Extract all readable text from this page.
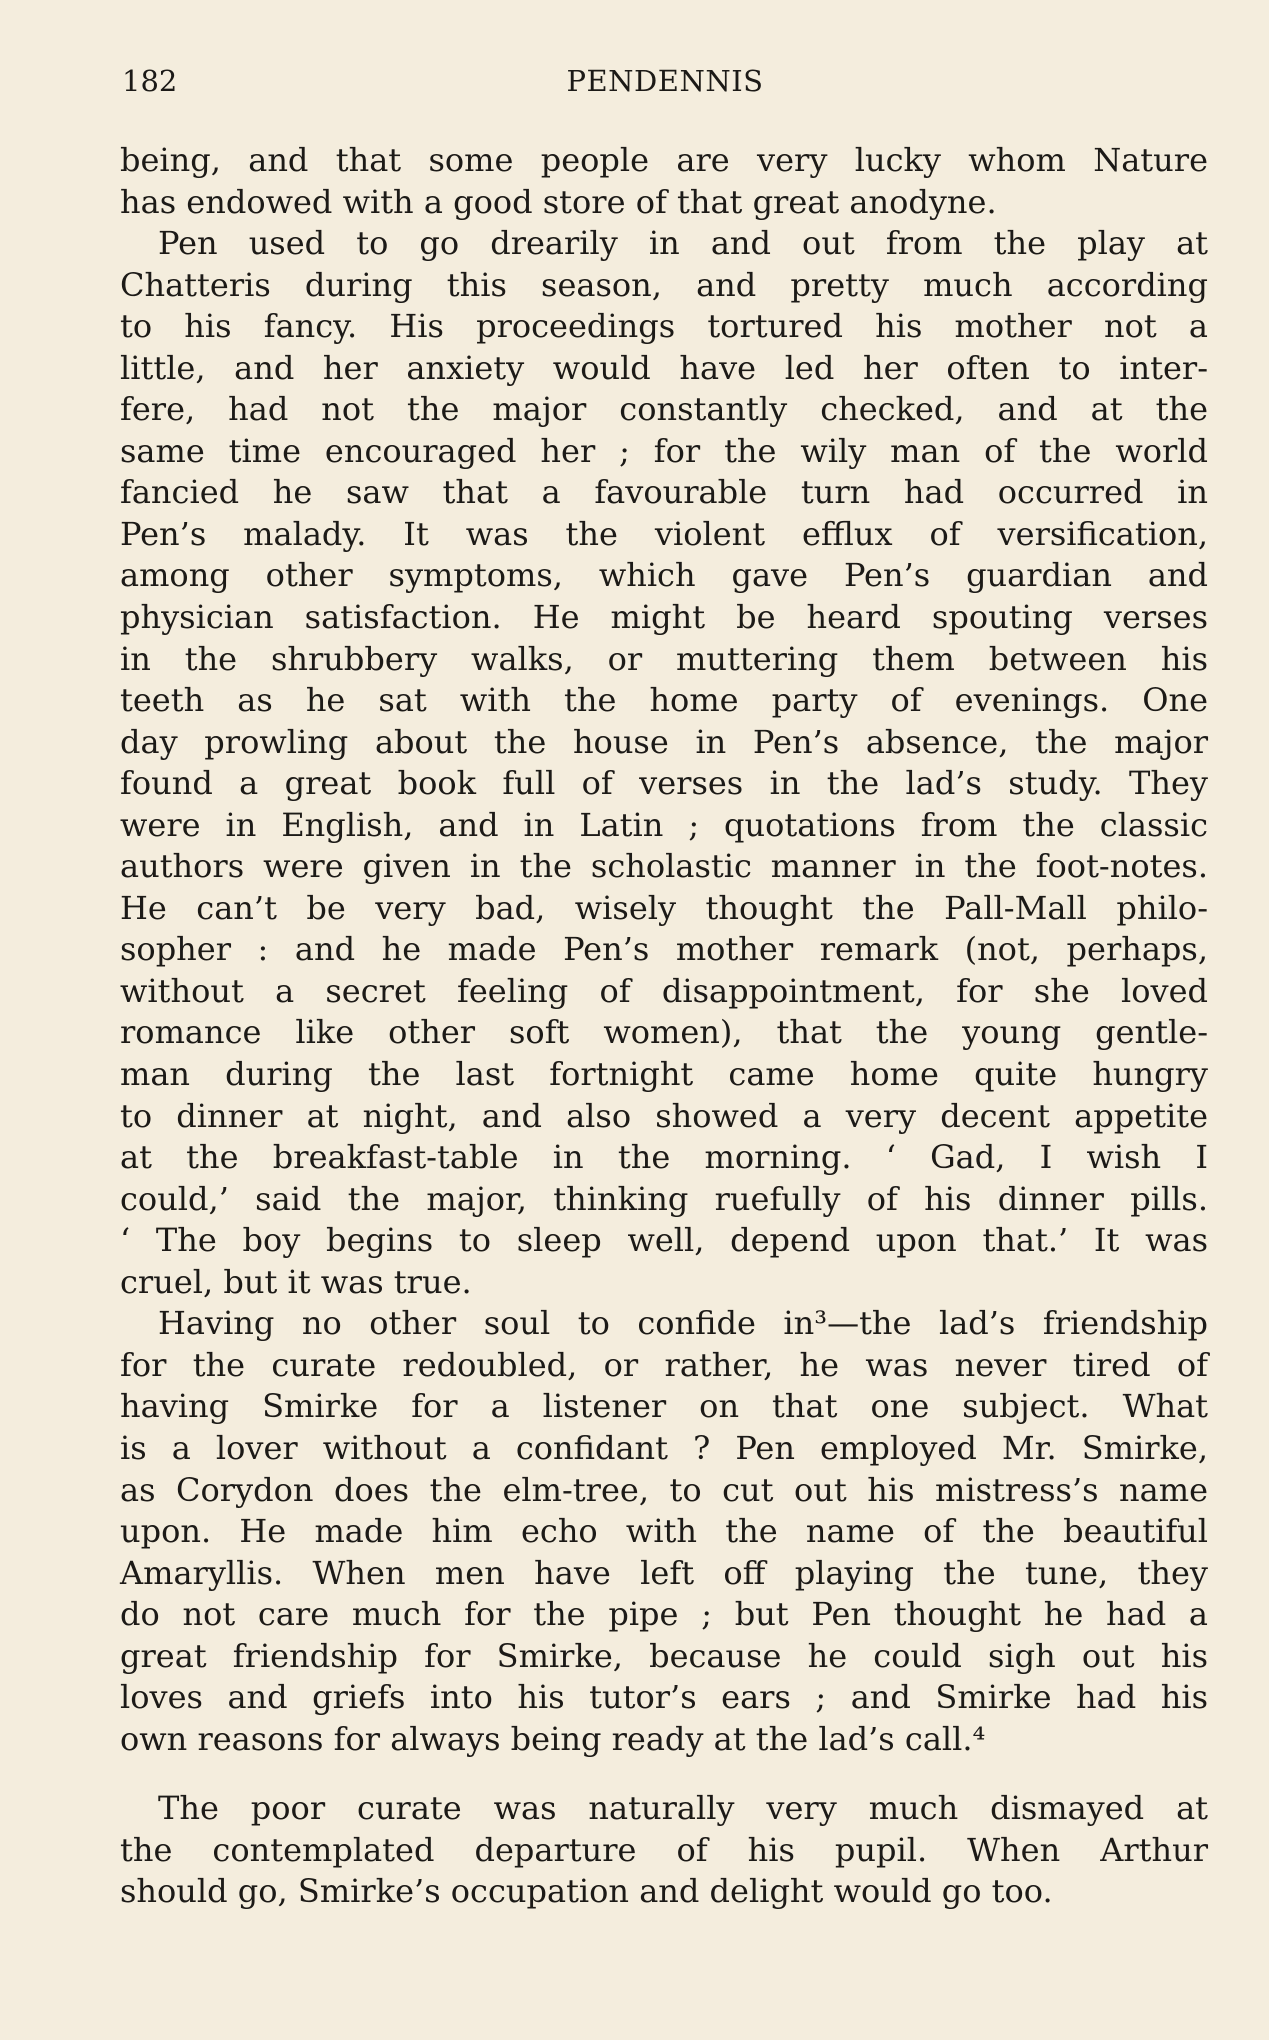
182	PENDENNIS
being, and that some people are very lucky whom Nature
has endowed with a good store of that great anodyne.
Pen used to go drearily in and out from the play at
Chatteris during this season, and pretty much according
to his fancy. His proceedings tortured his mother not a
little, and her anxiety would have led her often to inter-
fere, had not the major constantly checked, and at the
same time encouraged her ; for the wily man of the world
fancied he saw that a favourable turn had occurred in
Pen’s malady. It was the violent efflux of versification,
among other symptoms, which gave Pen’s guardian and
physician satisfaction. He might be heard spouting verses
in the shrubbery walks, or muttering them between his
teeth as he sat with the home party of evenings. One
day prowling about the house in Pen’s absence, the major
found a great book full of verses in the lad’s study. They
were in English, and in Latin ; quotations from the classic
authors were given in the scholastic manner in the foot-notes.
He can’t be very bad, wisely thought the Pall-Mall philo-
sopher : and he made Pen’s mother remark (not, perhaps,
without a secret feeling of disappointment, for she loved
romance like other soft women), that the young gentle-
man during the last fortnight came home quite hungry
to dinner at night, and also showed a very decent appetite
at the breakfast-table in the morning. ‘ Gad, I wish I
could,’ said the major, thinking ruefully of his dinner pills.
‘ The boy begins to sleep well, depend upon that.’ It was
cruel, but it was true.
Having no other soul to confide in³—the lad’s friendship
for the curate redoubled, or rather, he was never tired of
having Smirke for a listener on that one subject. What
is a lover without a confidant ? Pen employed Mr. Smirke,
as Corydon does the elm-tree, to cut out his mistress’s name
upon. He made him echo with the name of the beautiful
Amaryllis. When men have left off playing the tune, they
do not care much for the pipe ; but Pen thought he had a
great friendship for Smirke, because he could sigh out his
loves and griefs into his tutor’s ears ; and Smirke had his
own reasons for always being ready at the lad’s call.⁴
The poor curate was naturally very much dismayed at
the contemplated departure of his pupil. When Arthur
should go, Smirke’s occupation and delight would go too.
